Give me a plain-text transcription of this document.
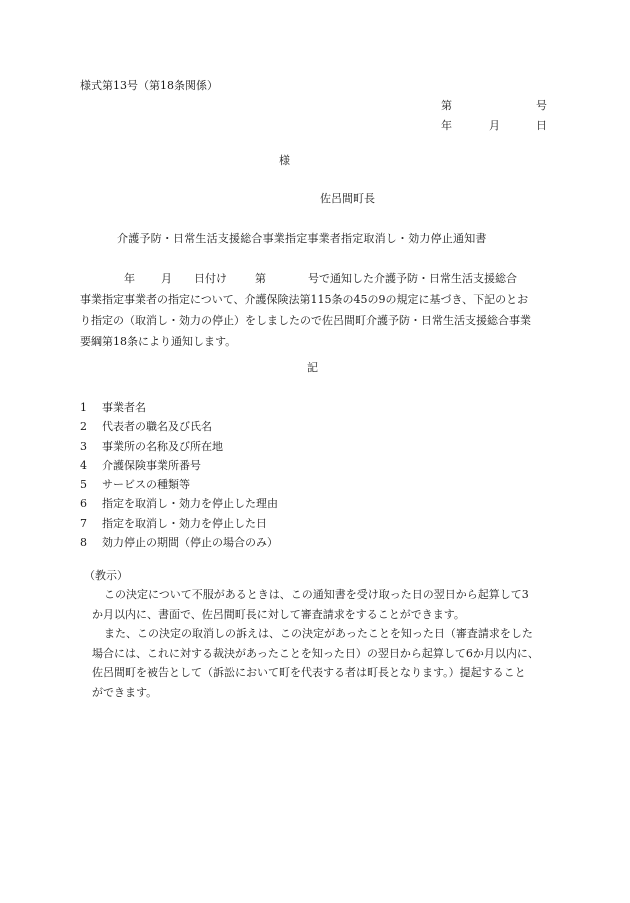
様式第13号（第18条関係）
第	号
年	月	日
様
佐呂間町長
介護予防・日常生活支援総合事業指定事業者指定取消し・効力停止通知書
年 月 日付け	第	号で通知した介護予防・日常生活支援総合
事業指定事業者の指定について、介護保険法第115条の45の9の規定に基づき、下記のとお
り指定の（取消し・効力の停止）をしましたので佐呂間町介護予防・日常生活支援総合事業
要綱第18条により通知します。
記
1 事業者名
2 代表者の職名及び氏名
3 事業所の名称及び所在地
4 介護保険事業所番号
5 サービスの種類等
6 指定を取消し・効力を停止した理由
7 指定を取消し・効力を停止した日
8 効力停止の期間（停止の場合のみ）
（教示）
この決定について不服があるときは、この通知書を受け取った日の翌日から起算して3
か月以内に、書面で、佐呂間町長に対して審査請求をすることができます。
また、この決定の取消しの訴えは、この決定があったことを知った日（審査請求をした
場合には、これに対する裁決があったことを知った日）の翌日から起算して6か月以内に、
佐呂間町を被告として（訴訟において町を代表する者は町長となります。）提起すること
ができます。
